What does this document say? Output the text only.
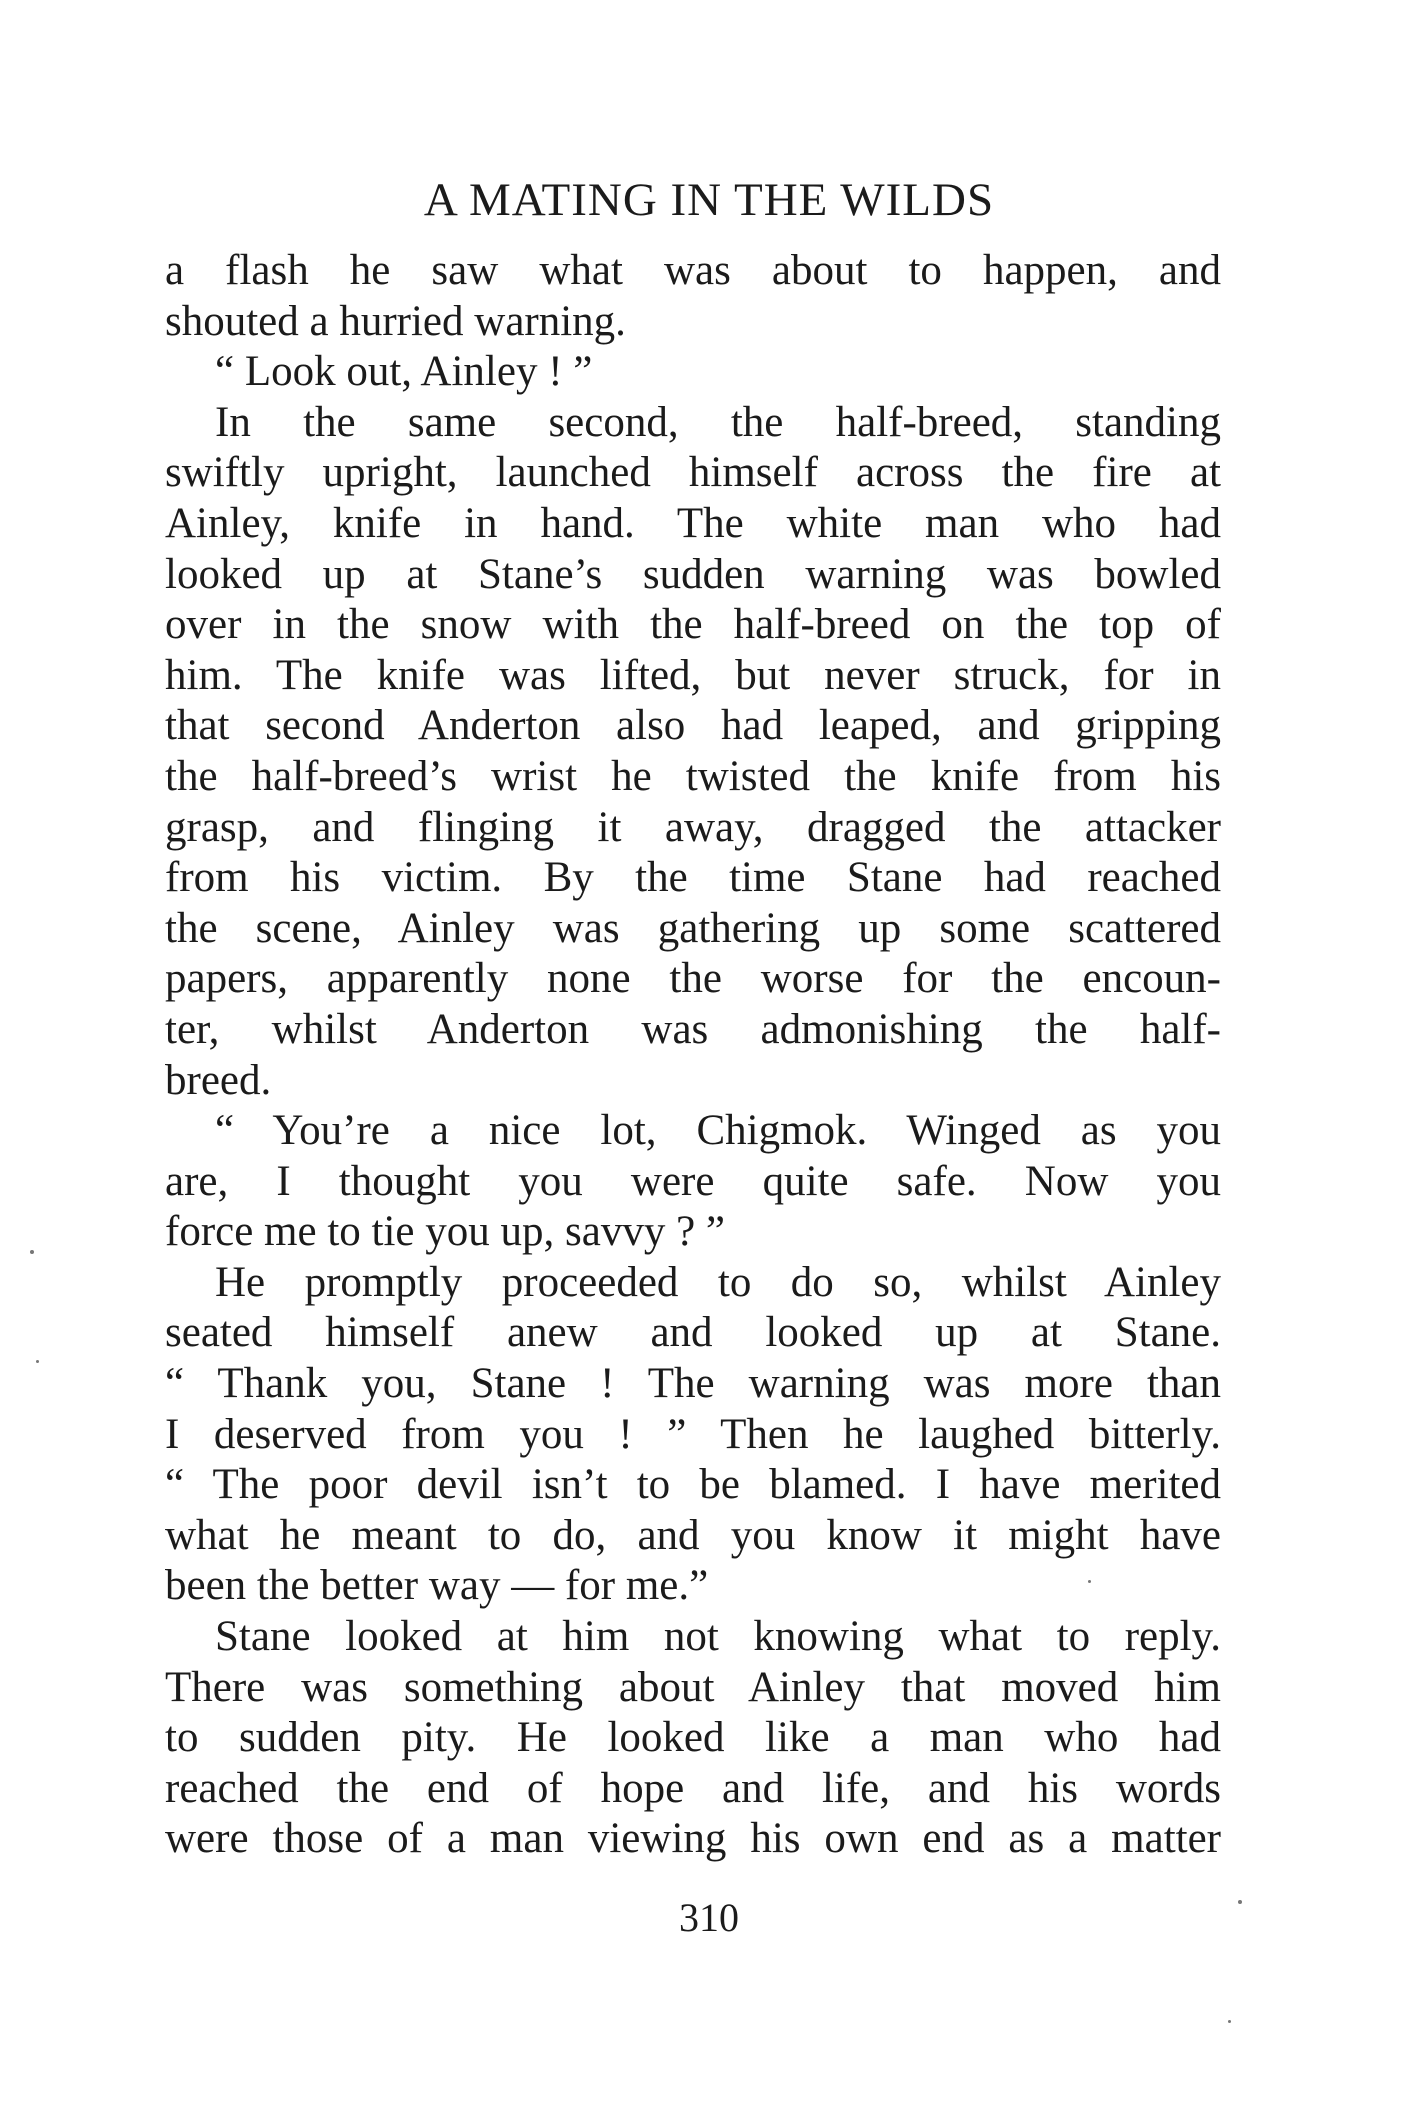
A MATING IN THE WILDS
a flash he saw what was about to happen, and
shouted a hurried warning.
“ Look out, Ainley ! ”
In the same second, the half-breed, standing
swiftly upright, launched himself across the fire at
Ainley, knife in hand. The white man who had
looked up at Stane’s sudden warning was bowled
over in the snow with the half-breed on the top of
him. The knife was lifted, but never struck, for in
that second Anderton also had leaped, and gripping
the half-breed’s wrist he twisted the knife from his
grasp, and flinging it away, dragged the attacker
from his victim. By the time Stane had reached
the scene, Ainley was gathering up some scattered
papers, apparently none the worse for the encoun-
ter, whilst Anderton was admonishing the half-
breed.
“ You’re a nice lot, Chigmok. Winged as you
are, I thought you were quite safe. Now you
force me to tie you up, savvy ? ”
He promptly proceeded to do so, whilst Ainley
seated himself anew and looked up at Stane.
“ Thank you, Stane ! The warning was more than
I deserved from you ! ” Then he laughed bitterly.
“ The poor devil isn’t to be blamed. I have merited
what he meant to do, and you know it might have
been the better way — for me.”
Stane looked at him not knowing what to reply.
There was something about Ainley that moved him
to sudden pity. He looked like a man who had
reached the end of hope and life, and his words
were those of a man viewing his own end as a matter
310
